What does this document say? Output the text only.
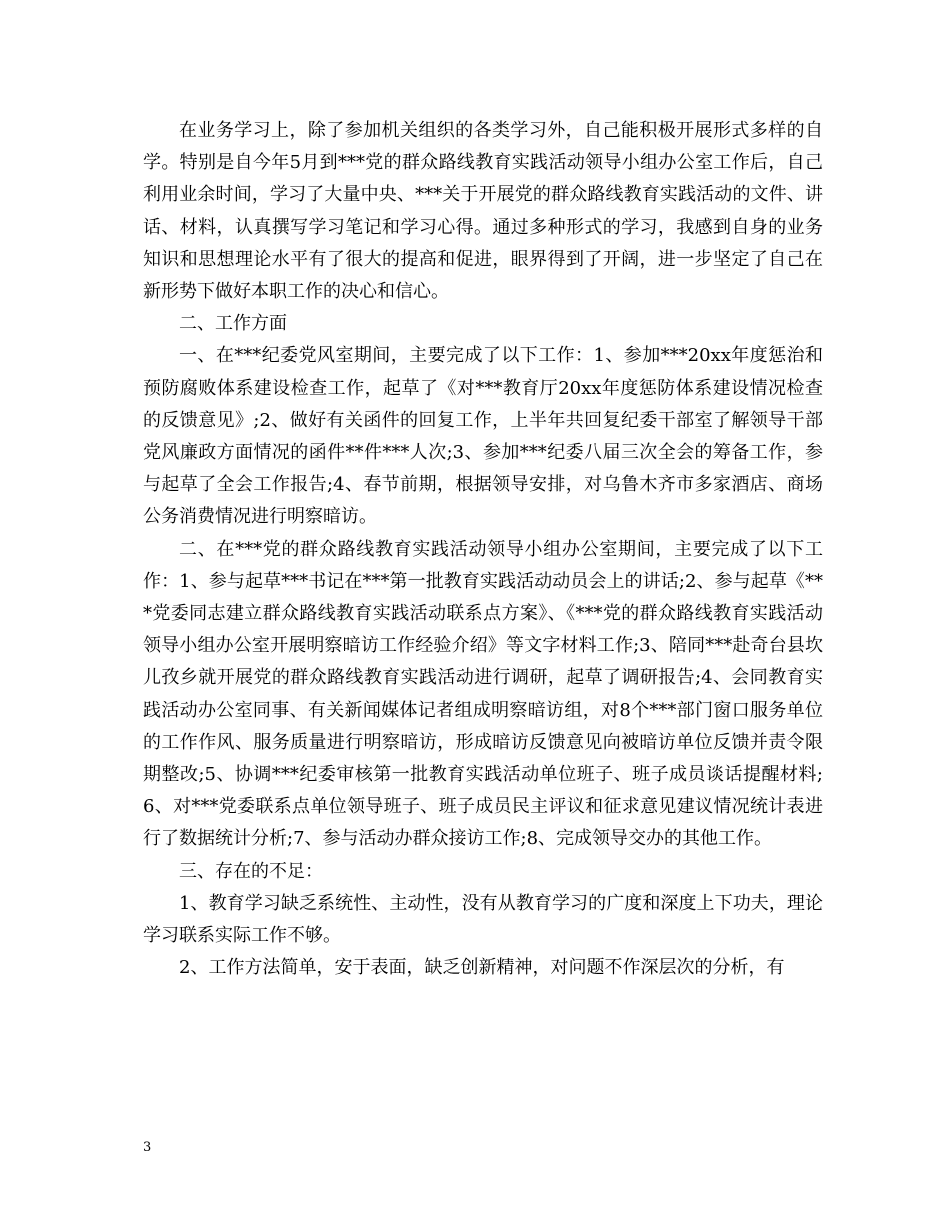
在业务学习上，除了参加机关组织的各类学习外，自己能积极开展形式多样的自学。特别是自今年5月到***党的群众路线教育实践活动领导小组办公室工作后，自己利用业余时间，学习了大量中央、***关于开展党的群众路线教育实践活动的文件、讲话、材料，认真撰写学习笔记和学习心得。通过多种形式的学习，我感到自身的业务知识和思想理论水平有了很大的提高和促进，眼界得到了开阔，进一步坚定了自己在新形势下做好本职工作的决心和信心。

二、工作方面

一、在***纪委党风室期间，主要完成了以下工作：1、参加***20xx年度惩治和预防腐败体系建设检查工作，起草了《对***教育厅20xx年度惩防体系建设情况检查的反馈意见》;2、做好有关函件的回复工作，上半年共回复纪委干部室了解领导干部党风廉政方面情况的函件**件***人次;3、参加***纪委八届三次全会的筹备工作，参与起草了全会工作报告;4、春节前期，根据领导安排，对乌鲁木齐市多家酒店、商场公务消费情况进行明察暗访。

二、在***党的群众路线教育实践活动领导小组办公室期间，主要完成了以下工作：1、参与起草***书记在***第一批教育实践活动动员会上的讲话;2、参与起草《***党委同志建立群众路线教育实践活动联系点方案》、《***党的群众路线教育实践活动领导小组办公室开展明察暗访工作经验介绍》等文字材料工作;3、陪同***赴奇台县坎儿孜乡就开展党的群众路线教育实践活动进行调研，起草了调研报告;4、会同教育实践活动办公室同事、有关新闻媒体记者组成明察暗访组，对8个***部门窗口服务单位的工作作风、服务质量进行明察暗访，形成暗访反馈意见向被暗访单位反馈并责令限期整改;5、协调***纪委审核第一批教育实践活动单位班子、班子成员谈话提醒材料;6、对***党委联系点单位领导班子、班子成员民主评议和征求意见建议情况统计表进行了数据统计分析;7、参与活动办群众接访工作;8、完成领导交办的其他工作。

三、存在的不足：

1、教育学习缺乏系统性、主动性，没有从教育学习的广度和深度上下功夫，理论学习联系实际工作不够。

2、工作方法简单，安于表面，缺乏创新精神，对问题不作深层次的分析，有

3
